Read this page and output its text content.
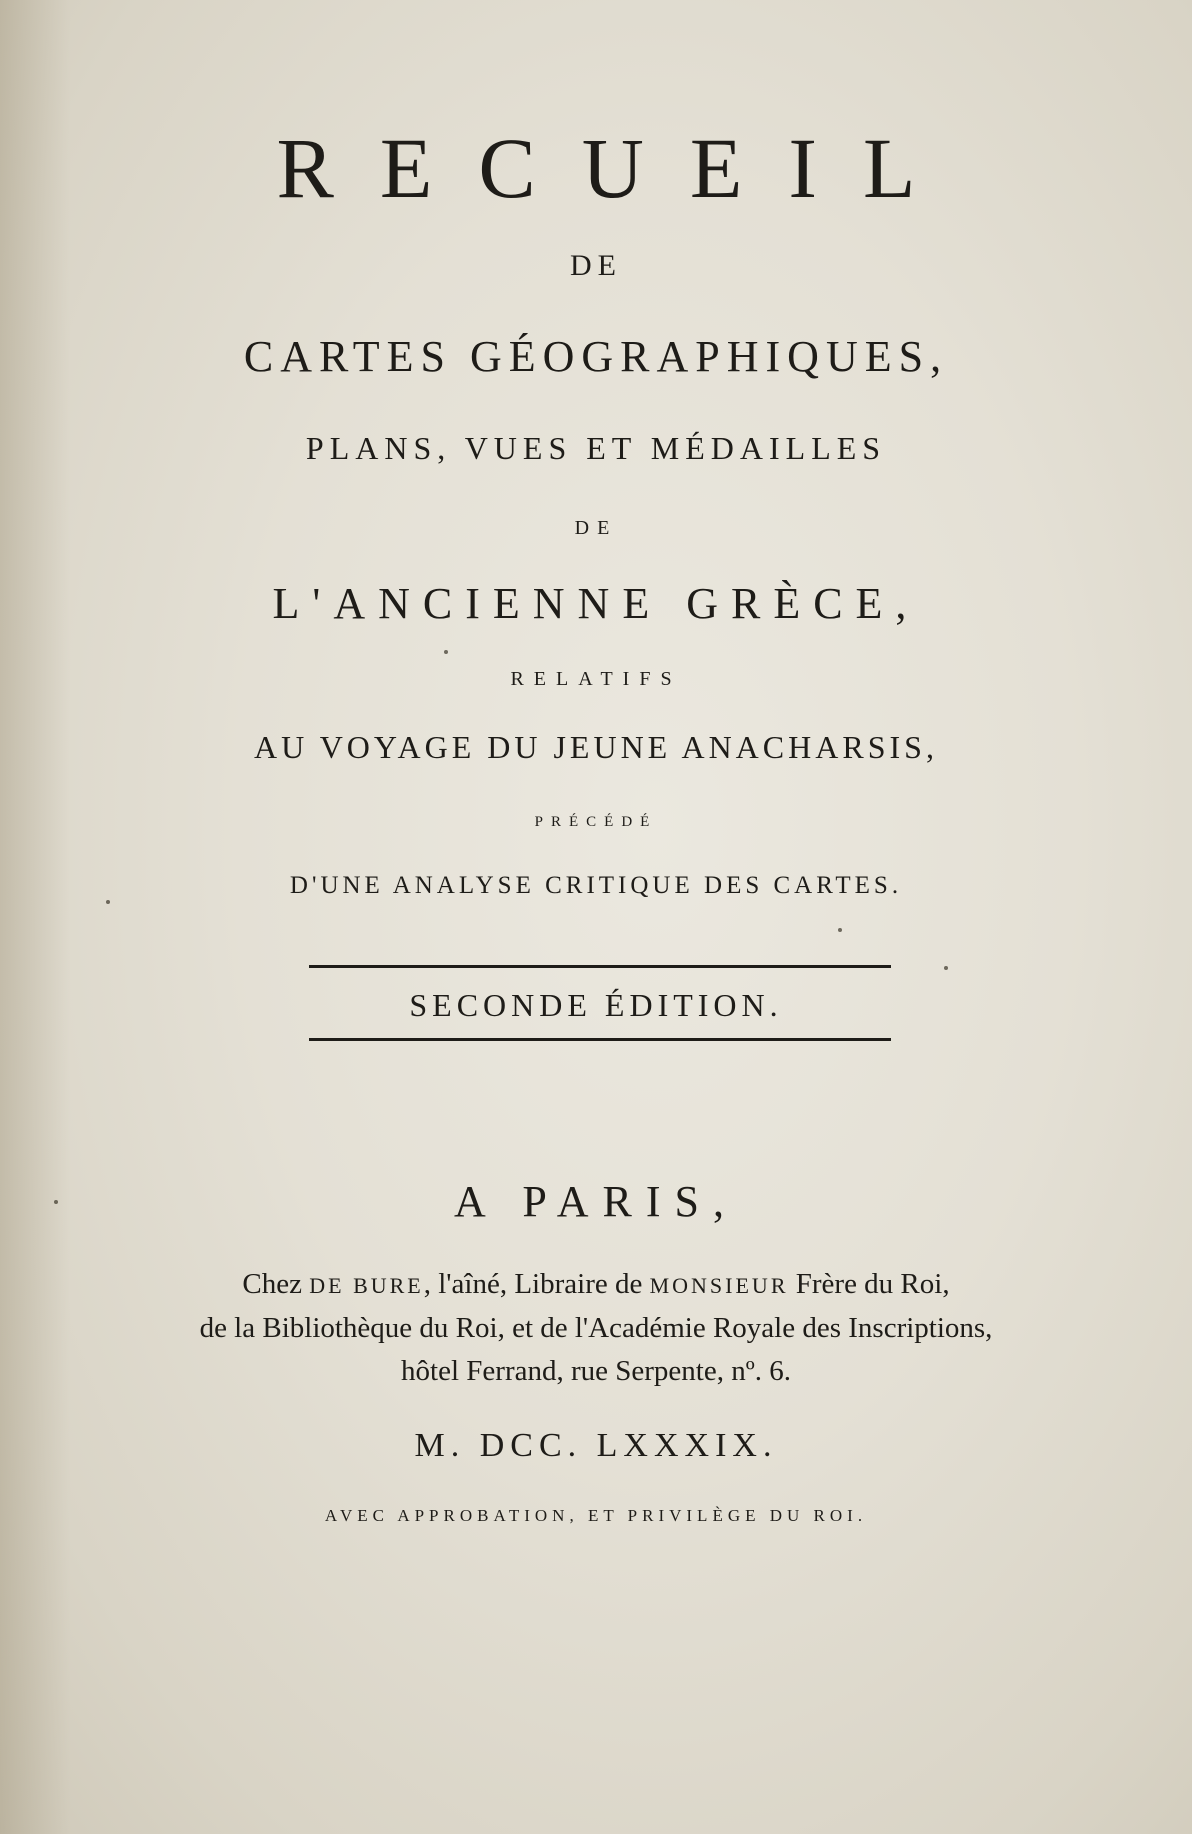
RECUEIL

DE

CARTES GÉOGRAPHIQUES,

PLANS, VUES ET MÉDAILLES

DE

L'ANCIENNE GRÈCE,

RELATIFS

AU VOYAGE DU JEUNE ANACHARSIS,

PRÉCÉDÉ

D'UNE ANALYSE CRITIQUE DES CARTES.

SECONDE ÉDITION.

A PARIS,

Chez DE BURE, l'aîné, Libraire de MONSIEUR Frère du Roi,
de la Bibliothèque du Roi, et de l'Académie Royale des Inscriptions,
hôtel Ferrand, rue Serpente, nº. 6.

M. DCC. LXXXIX.

AVEC APPROBATION, ET PRIVILÈGE DU ROI.
